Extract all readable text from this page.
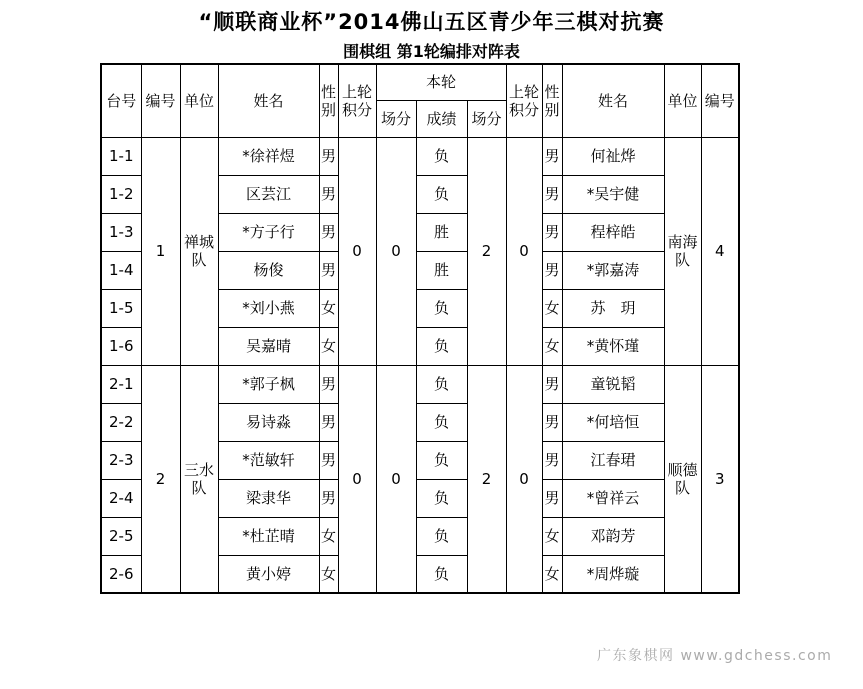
“顺联商业杯”2014佛山五区青少年三棋对抗赛
围棋组 第1轮编排对阵表
台号	编号	单位	姓名	性别	上轮积分	本轮			上轮积分	性别	姓名	单位	编号
						场分	成绩	场分					
1-1	1	禅城队	*徐祥煜	男	0	0	负	2	0	男	何祉烨	南海队	4
1-2			区芸江	男			负			男	*吴宇健		
1-3			*方子行	男			胜			男	程梓皓		
1-4			杨俊	男			胜			男	*郭嘉涛		
1-5			*刘小燕	女			负			女	苏　玥		
1-6			吴嘉晴	女			负			女	*黄怀瑾		
2-1	2	三水队	*郭子枫	男	0	0	负	2	0	男	童锐韬	顺德队	3
2-2			易诗淼	男			负			男	*何培恒		
2-3			*范敏轩	男			负			男	江春珺		
2-4			梁隶华	男			负			男	*曾祥云		
2-5			*杜芷晴	女			负			女	邓韵芳		
2-6			黄小婷	女			负			女	*周烨璇		
广东象棋网 www.gdchess.com
